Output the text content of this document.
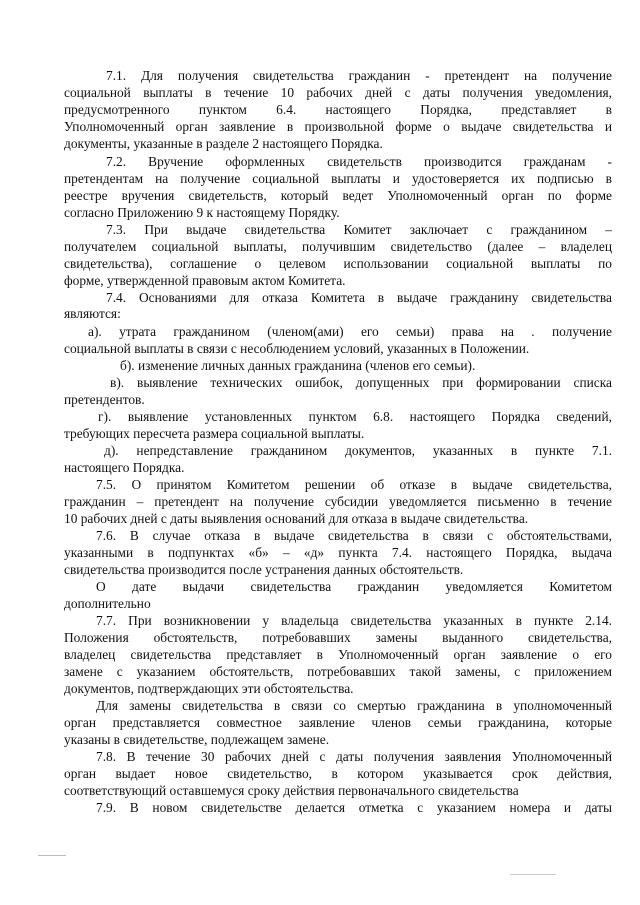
7.1. Для получения свидетельства гражданин - претендент на получение
социальной выплаты в течение 10 рабочих дней с даты получения уведомления,
предусмотренного пунктом 6.4. настоящего Порядка, представляет в
Уполномоченный орган заявление в произвольной форме о выдаче свидетельства и
документы, указанные в разделе 2 настоящего Порядка.
7.2. Вручение оформленных свидетельств производится гражданам -
претендентам на получение социальной выплаты и удостоверяется их подписью в
реестре вручения свидетельств, который ведет Уполномоченный орган по форме
согласно Приложению 9 к настоящему Порядку.
7.3. При выдаче свидетельства Комитет заключает с гражданином –
получателем социальной выплаты, получившим свидетельство (далее – владелец
свидетельства), соглашение о целевом использовании социальной выплаты по
форме, утвержденной правовым актом Комитета.
7.4. Основаниями для отказа Комитета в выдаче гражданину свидетельства
являются:
а). утрата гражданином (членом(ами) его семьи) права на . получение
социальной выплаты в связи с несоблюдением условий, указанных в Положении.
б). изменение личных данных гражданина (членов его семьи).
в). выявление технических ошибок, допущенных при формировании списка
претендентов.
г). выявление установленных пунктом 6.8. настоящего Порядка сведений,
требующих пересчета размера социальной выплаты.
д). непредставление гражданином документов, указанных в пункте 7.1.
настоящего Порядка.
7.5. О принятом Комитетом решении об отказе в выдаче свидетельства,
гражданин – претендент на получение субсидии уведомляется письменно в течение
10 рабочих дней с даты выявления оснований для отказа в выдаче свидетельства.
7.6. В случае отказа в выдаче свидетельства в связи с обстоятельствами,
указанными в подпунктах «б» – «д» пункта 7.4. настоящего Порядка, выдача
свидетельства производится после устранения данных обстоятельств.
О дате выдачи свидетельства гражданин уведомляется Комитетом
дополнительно
7.7. При возникновении у владельца свидетельства указанных в пункте 2.14.
Положения обстоятельств, потребовавших замены выданного свидетельства,
владелец свидетельства представляет в Уполномоченный орган заявление о его
замене с указанием обстоятельств, потребовавших такой замены, с приложением
документов, подтверждающих эти обстоятельства.
Для замены свидетельства в связи со смертью гражданина в уполномоченный
орган представляется совместное заявление членов семьи гражданина, которые
указаны в свидетельстве, подлежащем замене.
7.8. В течение 30 рабочих дней с даты получения заявления Уполномоченный
орган выдает новое свидетельство, в котором указывается срок действия,
соответствующий оставшемуся сроку действия первоначального свидетельства
7.9. В новом свидетельстве делается отметка с указанием номера и даты
